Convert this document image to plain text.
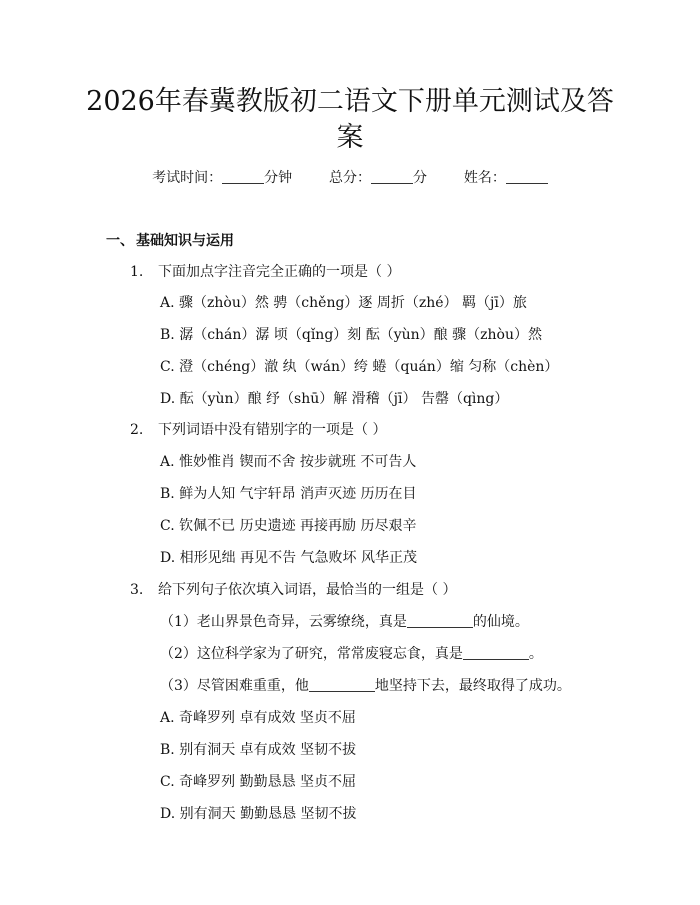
2026年春冀教版初二语文下册单元测试及答
案
考试时间：	分钟	总分：	分	姓名：
一、 基础知识与运用
1. 下面加点字注音完全正确的一项是（ ）
A. 骤（zhòu）然 骋（chěng）逐 周折（zhé） 羁（jī）旅
B. 潺（chán）潺 顷（qǐng）刻 酝（yùn）酿 骤（zhòu）然
C. 澄（chéng）澈 纨（wán）绔 蜷（quán）缩 匀称（chèn）
D. 酝（yùn）酿 纾（shū）解 滑稽（jī） 告罄（qìng）
2. 下列词语中没有错别字的一项是（ ）
A. 惟妙惟肖 锲而不舍 按步就班 不可告人
B. 鲜为人知 气宇轩昂 消声灭迹 历历在目
C. 钦佩不已 历史遗迹 再接再励 历尽艰辛
D. 相形见绌 再见不告 气急败坏 风华正茂
3. 给下列句子依次填入词语，最恰当的一组是（ ）
（1）老山界景色奇异，云雾缭绕，真是	的仙境。
（2）这位科学家为了研究，常常废寝忘食，真是	。
（3）尽管困难重重，他	地坚持下去，最终取得了成功。
A. 奇峰罗列 卓有成效 坚贞不屈
B. 别有洞天 卓有成效 坚韧不拔
C. 奇峰罗列 勤勤恳恳 坚贞不屈
D. 别有洞天 勤勤恳恳 坚韧不拔
